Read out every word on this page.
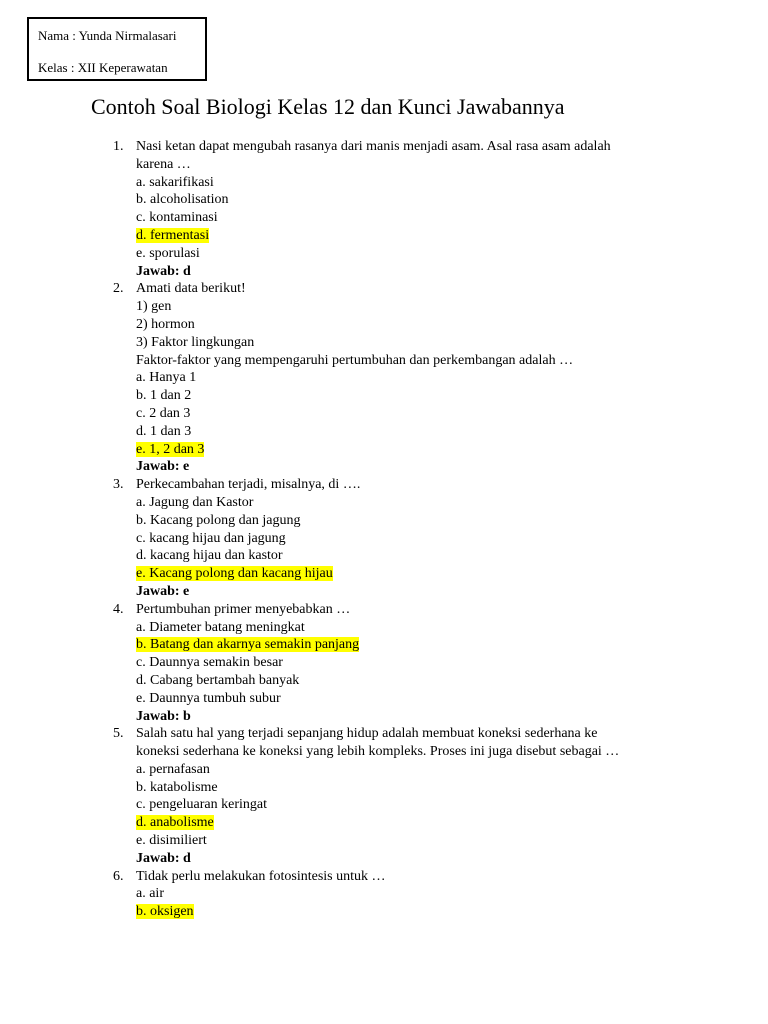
Nama : Yunda Nirmalasari
Kelas : XII Keperawatan
Contoh Soal Biologi Kelas 12 dan Kunci Jawabannya
1. Nasi ketan dapat mengubah rasanya dari manis menjadi asam. Asal rasa asam adalah
karena …
a. sakarifikasi
b. alcoholisation
c. kontaminasi
d. fermentasi
e. sporulasi
Jawab: d
2. Amati data berikut!
1) gen
2) hormon
3) Faktor lingkungan
Faktor-faktor yang mempengaruhi pertumbuhan dan perkembangan adalah …
a. Hanya 1
b. 1 dan 2
c. 2 dan 3
d. 1 dan 3
e. 1, 2 dan 3
Jawab: e
3. Perkecambahan terjadi, misalnya, di ….
a. Jagung dan Kastor
b. Kacang polong dan jagung
c. kacang hijau dan jagung
d. kacang hijau dan kastor
e. Kacang polong dan kacang hijau
Jawab: e
4. Pertumbuhan primer menyebabkan …
a. Diameter batang meningkat
b. Batang dan akarnya semakin panjang
c. Daunnya semakin besar
d. Cabang bertambah banyak
e. Daunnya tumbuh subur
Jawab: b
5. Salah satu hal yang terjadi sepanjang hidup adalah membuat koneksi sederhana ke
koneksi sederhana ke koneksi yang lebih kompleks. Proses ini juga disebut sebagai …
a. pernafasan
b. katabolisme
c. pengeluaran keringat
d. anabolisme
e. disimiliert
Jawab: d
6. Tidak perlu melakukan fotosintesis untuk …
a. air
b. oksigen
